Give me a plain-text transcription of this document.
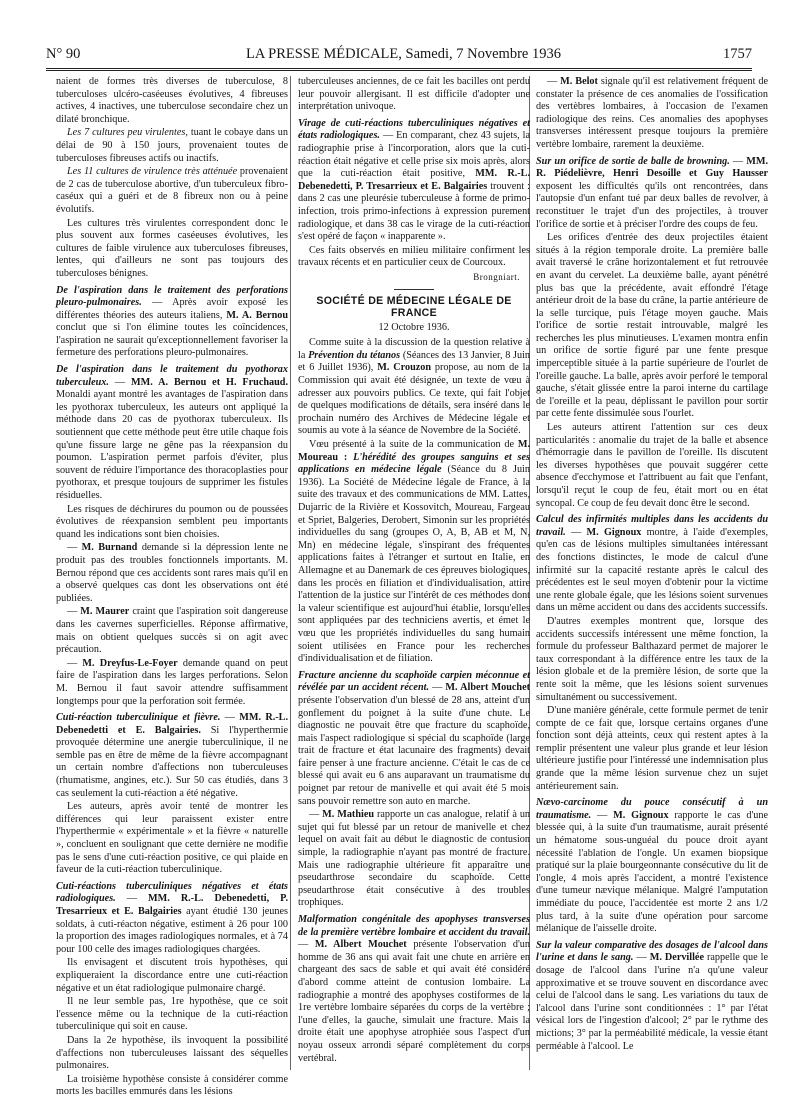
N° 90	LA PRESSE MÉDICALE, Samedi, 7 Novembre 1936	1757

naient de formes très diverses de tuberculose, 8 tuberculoses ulcéro-caséeuses évolutives, 4 fibreuses actives, 4 inactives, une tuberculose secondaire chez un dilaté bronchique.

Les 7 cultures peu virulentes, tuant le cobaye dans un délai de 90 à 150 jours, provenaient toutes de tuberculoses fibreuses actifs ou inactifs.

Les 11 cultures de virulence très atténuée provenaient de 2 cas de tuberculose abortive, d'un tuberculeux fibro-caséux qui a guéri et de 8 fibreux non ou à peine évolutifs.

Les cultures très virulentes correspondent donc le plus souvent aux formes caséeuses évolutives, les cultures de faible virulence aux tuberculoses fibreuses, lentes, qui d'ailleurs ne sont pas toujours des tuberculoses bénignes.

De l'aspiration dans le traitement des perforations pleuro-pulmonaires. — Après avoir exposé les différentes théories des auteurs italiens, M. A. Bernou conclut que si l'on élimine toutes les coïncidences, l'aspiration ne saurait qu'exceptionnellement favoriser la fermeture des perforations pleuro-pulmonaires.

De l'aspiration dans le traitement du pyothorax tuberculeux. — MM. A. Bernou et H. Fruchaud. Monaldi ayant montré les avantages de l'aspiration dans les pyothorax tuberculeux, les auteurs ont appliqué la méthode dans 20 cas de pyothorax tuberculeux. Ils soutiennent que cette méthode peut être utile chaque fois qu'une fissure large ne gêne pas la réexpansion du poumon. L'aspiration permet parfois d'éviter, plus souvent de réduire l'importance des thoracoplasties pour pyothorax, et presque toujours de supprimer les fistules résiduelles.

Les risques de déchirures du poumon ou de poussées évolutives de réexpansion semblent peu importants quand les indications sont bien choisies.

— M. Burnand demande si la dépression lente ne produit pas des troubles fonctionnels importants. M. Bernou répond que ces accidents sont rares mais qu'il en a observé quelques cas dont les observations ont été publiées.

— M. Maurer craint que l'aspiration soit dangereuse dans les cavernes superficielles. Réponse affirmative, mais on obtient quelques succès si on agit avec précaution.

— M. Dreyfus-Le-Foyer demande quand on peut faire de l'aspiration dans les larges perforations. Selon M. Bernou il faut savoir attendre suffisamment longtemps pour que la perforation soit fermée.

Cuti-réaction tuberculinique et fièvre. — MM. R.-L. Debenedetti et E. Balgairies. Si l'hyperthermie provoquée détermine une anergie tuberculinique, il ne semble pas en être de même de la fièvre accompagnant un certain nombre d'affections non tuberculeuses (rhumatisme, angines, etc.). Sur 50 cas étudiés, dans 3 cas seulement la cuti-réaction a été négative.

Les auteurs, après avoir tenté de montrer les différences qui leur paraissent exister entre l'hyperthermie « expérimentale » et la fièvre « naturelle », concluent en soulignant que cette dernière ne modifie pas le sens d'une cuti-réaction positive, ce qui plaide en faveur de la cuti-réaction tuberculinique.

Cuti-réactions tuberculiniques négatives et états radiologiques. — MM. R.-L. Debenedetti, P. Tresarrieux et E. Balgairies ayant étudié 130 jeunes soldats, à cuti-réacton négative, estiment à 26 pour 100 la proportion des images radiologiques normales, et à 74 pour 100 celle des images radiologiques chargées.

Ils envisagent et discutent trois hypothèses, qui expliqueraient la discordance entre une cuti-réaction négative et un état radiologique pulmonaire chargé.

Il ne leur semble pas, 1re hypothèse, que ce soit l'essence même ou la technique de la cuti-réaction tuberculinique qui soit en cause.

Dans la 2e hypothèse, ils invoquent la possibilité d'affections non tuberculeuses laissant des séquelles pulmonaires.

La troisième hypothèse consiste à considérer comme morts les bacilles emmurés dans les lésions

tuberculeuses anciennes, de ce fait les bacilles ont perdu leur pouvoir allergisant. Il est difficile d'adopter une interprétation univoque.

Virage de cuti-réactions tuberculiniques négatives et états radiologiques. — En comparant, chez 43 sujets, la radiographie prise à l'incorporation, alors que la cuti-réaction était négative et celle prise six mois après, alors que la cuti-réaction était positive, MM. R.-L. Debenedetti, P. Tresarrieux et E. Balgairies trouvent : dans 2 cas une pleurésie tuberculeuse à forme de primo-infection, trois primo-infections à expression purement radiologique, et dans 38 cas le virage de la cuti-réaction s'est opéré de façon « inapparente ».

Ces faits observés en milieu militaire confirment les travaux récents et en particulier ceux de Courcoux.

Brongniart.

SOCIÉTÉ DE MÉDECINE LÉGALE DE FRANCE

12 Octobre 1936.

Comme suite à la discussion de la question relative à la Prévention du tétanos (Séances des 13 Janvier, 8 Juin et 6 Juillet 1936), M. Crouzon propose, au nom de la Commission qui avait été désignée, un texte de vœu à adresser aux pouvoirs publics. Ce texte, qui fait l'objet de quelques modifications de détails, sera inséré dans le prochain numéro des Archives de Médecine légale et soumis au vote à la séance de Novembre de la Société.

Vœu présenté à la suite de la communication de M. Moureau : L'hérédité des groupes sanguins et ses applications en médecine légale (Séance du 8 Juin 1936). La Société de Médecine légale de France, à la suite des travaux et des communications de MM. Lattes, Dujarric de la Rivière et Kossovitch, Moureau, Fargeau et Spriet, Balgeries, Derobert, Simonin sur les propriétés individuelles du sang (groupes O, A, B, AB et M, N, Mn) en médecine légale, s'inspirant des fréquentes applications faites à l'étranger et surtout en Italie, en Allemagne et au Danemark de ces épreuves biologiques, dans les procès en filiation et d'individualisation, attire l'attention de la justice sur l'intérêt de ces méthodes dont la valeur scientifique est aujourd'hui établie, lorsqu'elles sont appliquées par des techniciens avertis, et émet le vœu que les propriétés individuelles du sang humain soient utilisées en France pour les recherches d'individualisation et de filiation.

Fracture ancienne du scaphoïde carpien méconnue et révélée par un accident récent. — M. Albert Mouchet présente l'observation d'un blessé de 28 ans, atteint d'un gonflement du poignet à la suite d'une chute. Le diagnostic ne pouvait être que fracture du scaphoïde, mais l'aspect radiologique si spécial du scaphoïde (large trait de fracture et état lacunaire des fragments) devait faire penser à une fracture ancienne. C'était le cas de ce blessé qui avait eu 6 ans auparavant un traumatisme du poignet par retour de manivelle et qui avait été 5 mois sans pouvoir remettre son auto en marche.

— M. Mathieu rapporte un cas analogue, relatif à un sujet qui fut blessé par un retour de manivelle et chez lequel on avait fait au début le diagnostic de contusion simple, la radiographie n'ayant pas montré de fracture. Mais une radiographie ultérieure fit apparaître une pseudarthrose secondaire du scaphoïde. Cette pseudarthrose était consécutive à des troubles trophiques.

Malformation congénitale des apophyses transverses de la première vertèbre lombaire et accident du travail. — M. Albert Mouchet présente l'observation d'un homme de 36 ans qui avait fait une chute en arrière en chargeant des sacs de sable et qui avait été considéré d'abord comme atteint de contusion lombaire. La radiographie a montré des apophyses costiformes de la 1re vertèbre lombaire séparées du corps de la vertèbre ; l'une d'elles, la gauche, simulait une fracture. Mais la droite était une apophyse atrophiée sous l'aspect d'un noyau osseux arrondi séparé complètement du corps vertébral.

— M. Belot signale qu'il est relativement fréquent de constater la présence de ces anomalies de l'ossification des vertèbres lombaires, à l'occasion de l'examen radiologique des reins. Ces anomalies des apophyses transverses intéressent presque toujours la première vertèbre lombaire, rarement la deuxième.

Sur un orifice de sortie de balle de browning. — MM. R. Piédelièvre, Henri Desoille et Guy Hausser exposent les difficultés qu'ils ont rencontrées, dans l'autopsie d'un enfant tué par deux balles de revolver, à reconstituer le trajet d'un des projectiles, à trouver l'orifice de sortie et à préciser l'ordre des coups de feu.

Les orifices d'entrée des deux projectiles étaient situés à la région temporale droite. La première balle avait traversé le crâne horizontalement et fut retrouvée en avant du cervelet. La deuxième balle, ayant pénétré plus bas que la précédente, avait effondré l'étage antérieur droit de la base du crâne, la partie antérieure de la selle turcique, puis l'étage moyen gauche. Mais l'orifice de sortie restait introuvable, malgré les recherches les plus minutieuses. L'examen montra enfin un orifice de sortie figuré par une fente presque imperceptible située à la partie supérieure de l'ourlet de l'oreille gauche. La balle, après avoir perforé le temporal gauche, s'était glissée entre la paroi interne du cartilage de l'oreille et la peau, déplissant le pavillon pour sortir par cette fente dissimulée sous l'ourlet.

Les auteurs attirent l'attention sur ces deux particularités : anomalie du trajet de la balle et absence d'hémorragie dans le pavillon de l'oreille. Ils discutent les diverses hypothèses que pouvait suggérer cette absence d'ecchymose et l'attribuent au fait que l'enfant, lorsqu'il reçut le coup de feu, était mort ou en état syncopal. Ce coup de feu devait donc être le second.

Calcul des infirmités multiples dans les accidents du travail. — M. Gignoux montre, à l'aide d'exemples, qu'en cas de lésions multiples simultanées intéressant des fonctions distinctes, le mode de calcul d'une infirmité sur la capacité restante après le calcul des précédentes est le seul moyen d'obtenir pour la victime une rente globale égale, que les lésions soient survenues dans un même accident ou dans des accidents successifs.

D'autres exemples montrent que, lorsque des accidents successifs intéressent une même fonction, la formule du professeur Balthazard permet de majorer le taux correspondant à la différence entre les taux de la lésion globale et de la première lésion, de sorte que la rente soit la même, que les lésions soient survenues simultanément ou successivement.

D'une manière générale, cette formule permet de tenir compte de ce fait que, lorsque certains organes d'une fonction sont déjà atteints, ceux qui restent aptes à la remplir présentent une valeur plus grande et leur lésion ultérieure justifie pour l'intéressé une indemnisation plus grande que la même lésion survenue chez un sujet antérieurement sain.

Nævo-carcinome du pouce consécutif à un traumatisme. — M. Gignoux rapporte le cas d'une blessée qui, à la suite d'un traumatisme, aurait présenté un hématome sous-unguéal du pouce droit ayant nécessité l'ablation de l'ongle. Un examen biopsique pratiqué sur la plaie bourgeonnante consécutive du lit de l'ongle, 4 mois après l'accident, a montré l'existence d'une tumeur nævique mélanique. Malgré l'amputation immédiate du pouce, l'accidentée est morte 2 ans 1/2 plus tard, à la suite d'une opération pour sarcome mélanique de l'aisselle droite.

Sur la valeur comparative des dosages de l'alcool dans l'urine et dans le sang. — M. Dervillée rappelle que le dosage de l'alcool dans l'urine n'a qu'une valeur approximative et se trouve souvent en discordance avec celui de l'alcool dans le sang. Les variations du taux de l'alcool dans l'urine sont conditionnées : 1° par l'état vésical lors de l'ingestion d'alcool; 2° par le rythme des mictions; 3° par la perméabilité médicale, la vessie étant perméable à l'alcool. Le
